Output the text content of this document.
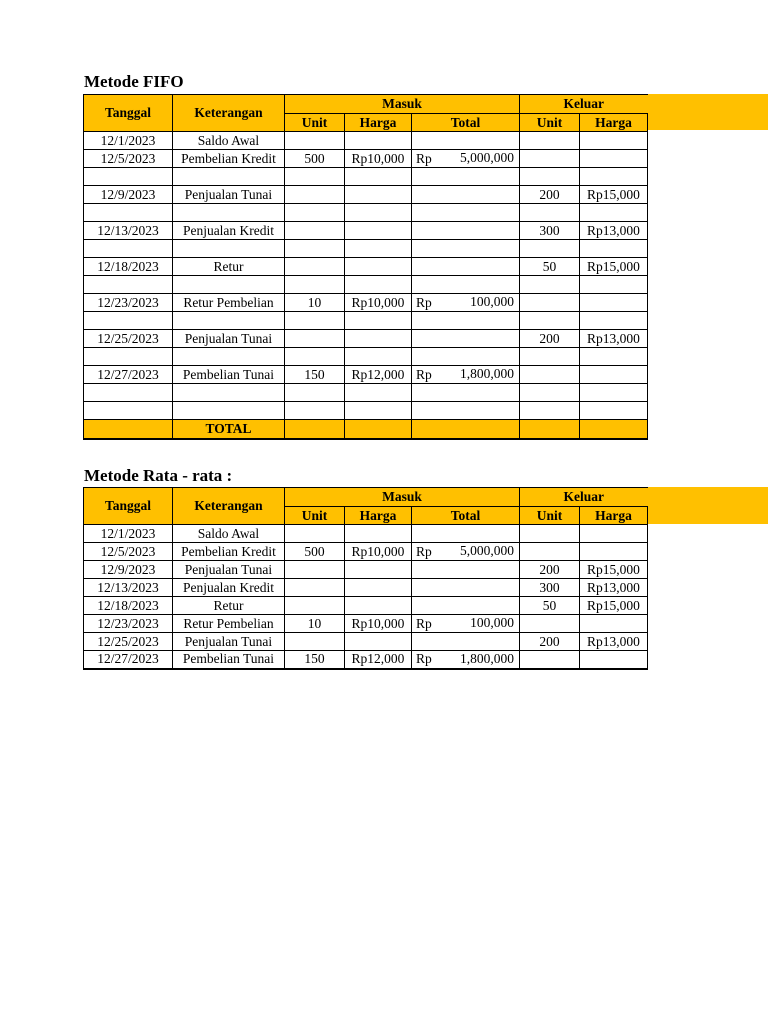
Metode FIFO
Tanggal	Keterangan	Masuk			Keluar	
		Unit	Harga	Total	Unit	Harga
12/1/2023	Saldo Awal			

12/5/2023	Pembelian Kredit	500	Rp10,000	Rp 5,000,000		

12/9/2023	Penjualan Tunai				200	Rp15,000

12/13/2023	Penjualan Kredit				300	Rp13,000

12/18/2023	Retur				50	Rp15,000

12/23/2023	Retur Pembelian	10	Rp10,000	Rp 100,000		

12/25/2023	Penjualan Tunai				200	Rp13,000

12/27/2023	Pembelian Tunai	150	Rp12,000	Rp 1,800,000		

	TOTAL					
Metode Rata - rata :
Tanggal	Keterangan	Masuk			Keluar	
		Unit	Harga	Total	Unit	Harga
12/1/2023	Saldo Awal			

12/5/2023	Pembelian Kredit	500	Rp10,000	Rp 5,000,000		

12/9/2023	Penjualan Tunai				200	Rp15,000
12/13/2023	Penjualan Kredit				300	Rp13,000
12/18/2023	Retur				50	Rp15,000
12/23/2023	Retur Pembelian	10	Rp10,000	Rp 100,000		

12/25/2023	Penjualan Tunai				200	Rp13,000
12/27/2023	Pembelian Tunai	150	Rp12,000	Rp 1,800,000		
